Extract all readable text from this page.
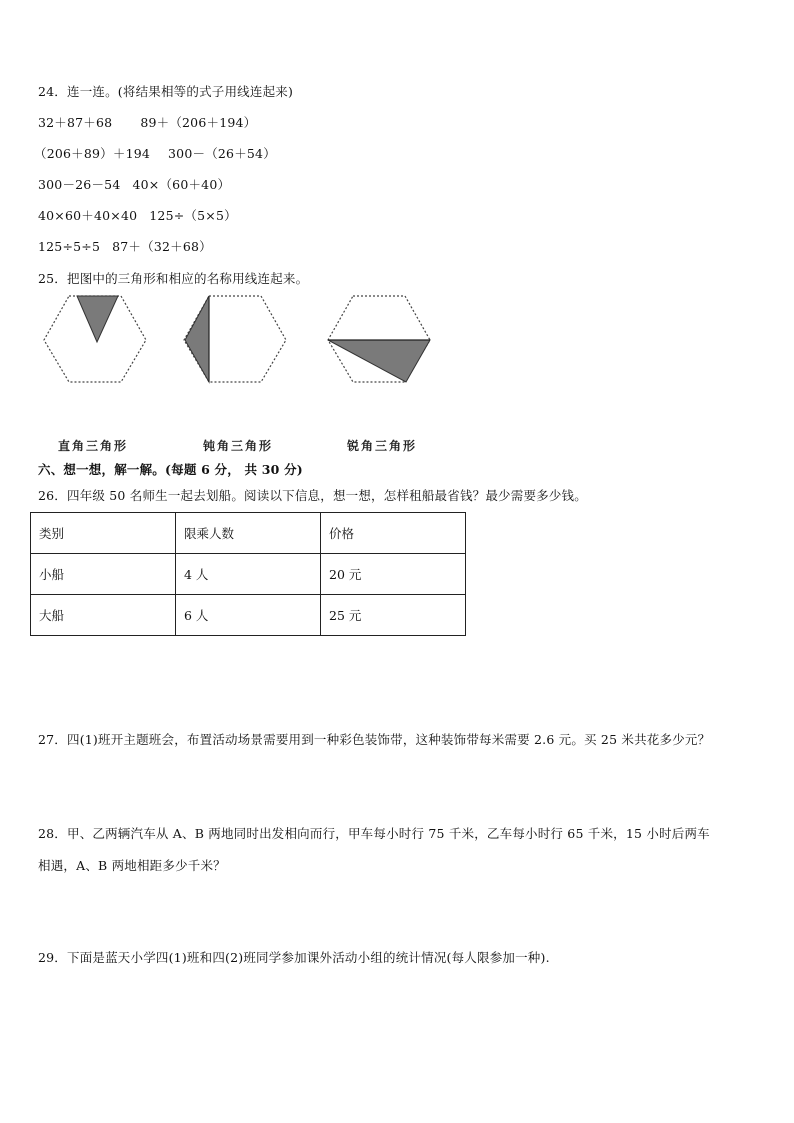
24．连一连。(将结果相等的式子用线连起来)
32＋87＋68 89＋（206＋194）
（206＋89）＋194 300－（26＋54）
300－26－54 40×（60＋40）
40×60＋40×40 125÷（5×5）
125÷5÷5 87＋（32＋68）
25．把图中的三角形和相应的名称用线连起来。
直角三角形	钝角三角形	锐角三角形
六、想一想，解一解。(每题 6 分， 共 30 分)
26．四年级 50 名师生一起去划船。阅读以下信息，想一想，怎样租船最省钱？最少需要多少钱。
类别	限乘人数	价格
小船	4 人	20 元
大船	6 人	25 元
27．四(1)班开主题班会，布置活动场景需要用到一种彩色装饰带，这种装饰带每米需要 2.6 元。买 25 米共花多少元？
28．甲、乙两辆汽车从 A、B 两地同时出发相向而行，甲车每小时行 75 千米，乙车每小时行 65 千米，15 小时后两车
相遇，A、B 两地相距多少千米？
29．下面是蓝天小学四(1)班和四(2)班同学参加课外活动小组的统计情况(每人限参加一种).
